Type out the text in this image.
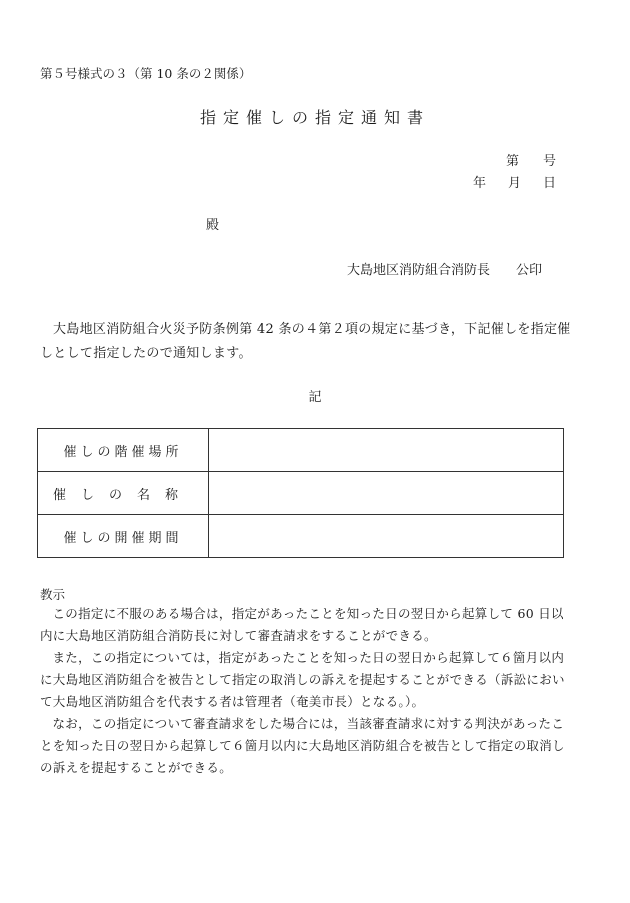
第５号様式の３（第 10 条の２関係）
指定催しの指定通知書
第 号
年 月 日
殿
大島地区消防組合消防長 公印
大島地区消防組合火災予防条例第 42 条の４第２項の規定に基づき，下記催しを指定催しとして指定したので通知します。
記
催しの階催場所	
催しの名称	
催しの開催期間	
教示
この指定に不服のある場合は，指定があったことを知った日の翌日から起算して 60 日以内に大島地区消防組合消防長に対して審査請求をすることができる。
また，この指定については，指定があったことを知った日の翌日から起算して６箇月以内に大島地区消防組合を被告として指定の取消しの訴えを提起することができる（訴訟において大島地区消防組合を代表する者は管理者（奄美市長）となる。）。
なお，この指定について審査請求をした場合には，当該審査請求に対する判決があったことを知った日の翌日から起算して６箇月以内に大島地区消防組合を被告として指定の取消しの訴えを提起することができる。
